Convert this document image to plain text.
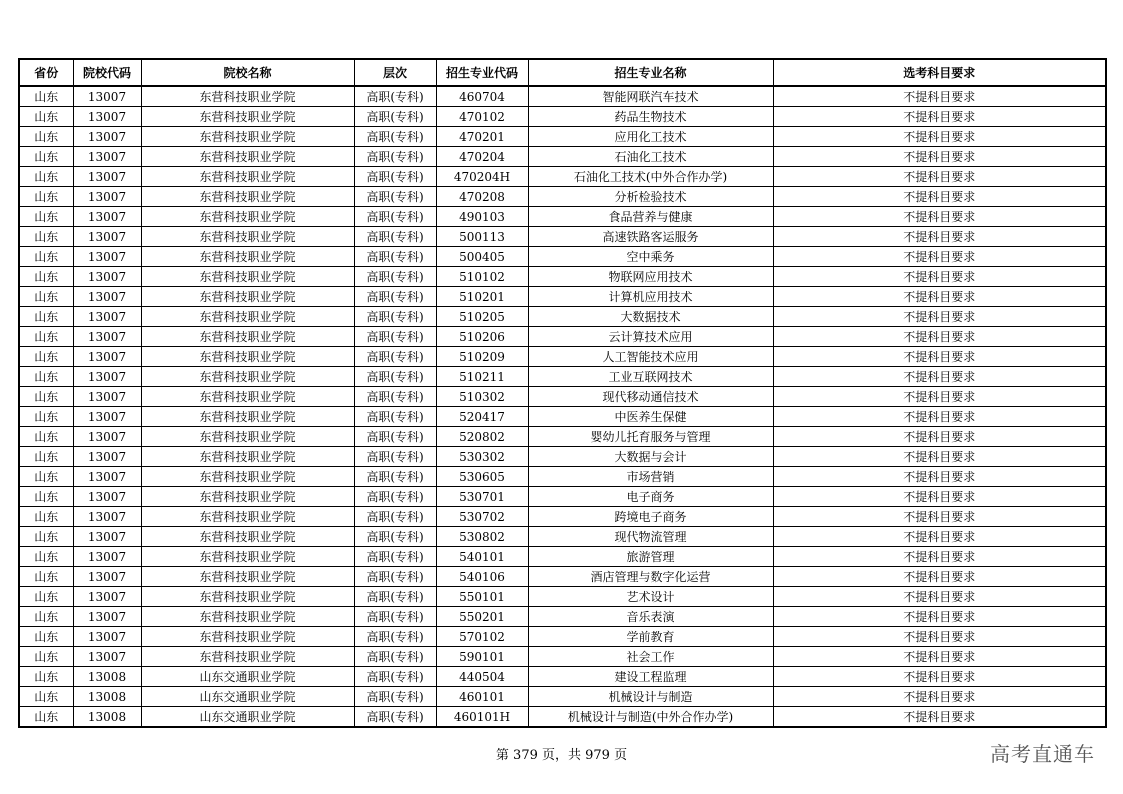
省份	院校代码	院校名称	层次	招生专业代码	招生专业名称	选考科目要求
山东	13007	东营科技职业学院	高职(专科)	460704	智能网联汽车技术	不提科目要求
山东	13007	东营科技职业学院	高职(专科)	470102	药品生物技术	不提科目要求
山东	13007	东营科技职业学院	高职(专科)	470201	应用化工技术	不提科目要求
山东	13007	东营科技职业学院	高职(专科)	470204	石油化工技术	不提科目要求
山东	13007	东营科技职业学院	高职(专科)	470204H	石油化工技术(中外合作办学)	不提科目要求
山东	13007	东营科技职业学院	高职(专科)	470208	分析检验技术	不提科目要求
山东	13007	东营科技职业学院	高职(专科)	490103	食品营养与健康	不提科目要求
山东	13007	东营科技职业学院	高职(专科)	500113	高速铁路客运服务	不提科目要求
山东	13007	东营科技职业学院	高职(专科)	500405	空中乘务	不提科目要求
山东	13007	东营科技职业学院	高职(专科)	510102	物联网应用技术	不提科目要求
山东	13007	东营科技职业学院	高职(专科)	510201	计算机应用技术	不提科目要求
山东	13007	东营科技职业学院	高职(专科)	510205	大数据技术	不提科目要求
山东	13007	东营科技职业学院	高职(专科)	510206	云计算技术应用	不提科目要求
山东	13007	东营科技职业学院	高职(专科)	510209	人工智能技术应用	不提科目要求
山东	13007	东营科技职业学院	高职(专科)	510211	工业互联网技术	不提科目要求
山东	13007	东营科技职业学院	高职(专科)	510302	现代移动通信技术	不提科目要求
山东	13007	东营科技职业学院	高职(专科)	520417	中医养生保健	不提科目要求
山东	13007	东营科技职业学院	高职(专科)	520802	婴幼儿托育服务与管理	不提科目要求
山东	13007	东营科技职业学院	高职(专科)	530302	大数据与会计	不提科目要求
山东	13007	东营科技职业学院	高职(专科)	530605	市场营销	不提科目要求
山东	13007	东营科技职业学院	高职(专科)	530701	电子商务	不提科目要求
山东	13007	东营科技职业学院	高职(专科)	530702	跨境电子商务	不提科目要求
山东	13007	东营科技职业学院	高职(专科)	530802	现代物流管理	不提科目要求
山东	13007	东营科技职业学院	高职(专科)	540101	旅游管理	不提科目要求
山东	13007	东营科技职业学院	高职(专科)	540106	酒店管理与数字化运营	不提科目要求
山东	13007	东营科技职业学院	高职(专科)	550101	艺术设计	不提科目要求
山东	13007	东营科技职业学院	高职(专科)	550201	音乐表演	不提科目要求
山东	13007	东营科技职业学院	高职(专科)	570102	学前教育	不提科目要求
山东	13007	东营科技职业学院	高职(专科)	590101	社会工作	不提科目要求
山东	13008	山东交通职业学院	高职(专科)	440504	建设工程监理	不提科目要求
山东	13008	山东交通职业学院	高职(专科)	460101	机械设计与制造	不提科目要求
山东	13008	山东交通职业学院	高职(专科)	460101H	机械设计与制造(中外合作办学)	不提科目要求
第 379 页，共 979 页	高考直通车
